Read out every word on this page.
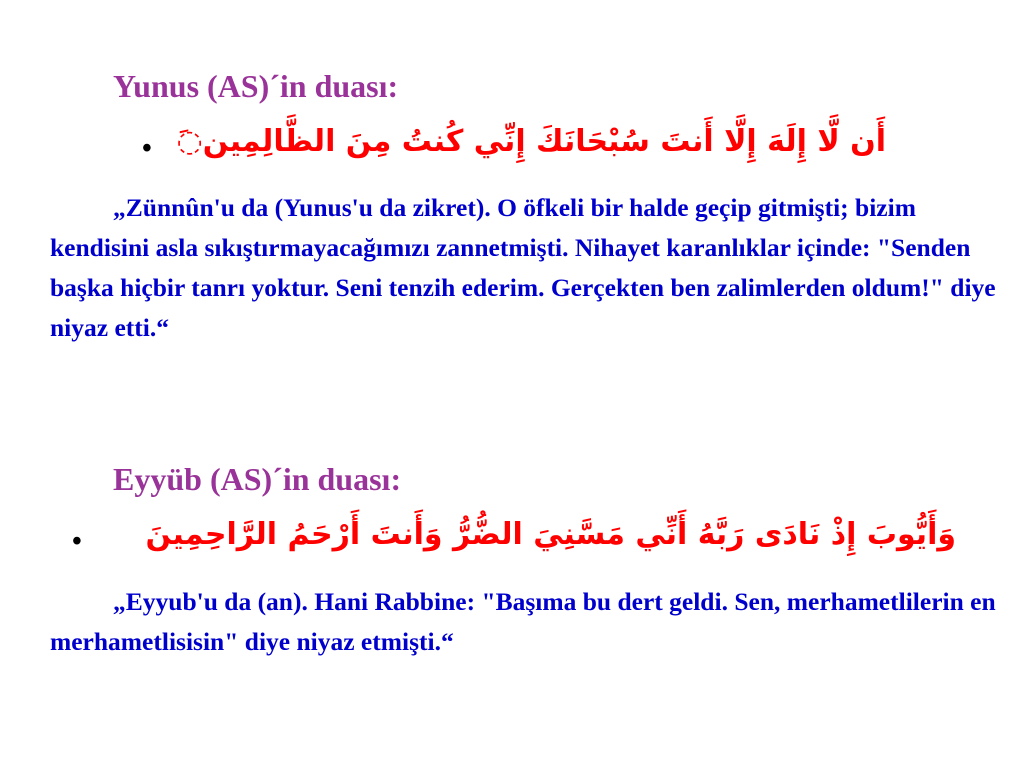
Yunus (AS)´in duası:
• أَن لَّا إِلَهَ إِلَّا أَنتَ سُبْحَانَكَ إِنِّي كُنتُ مِنَ الظَّالِمِين◌َ
„Zünnûn'u da (Yunus'u da zikret). O öfkeli bir halde geçip gitmişti; bizim kendisini asla sıkıştırmayacağımızı zannetmişti. Nihayet karanlıklar içinde: "Senden başka hiçbir tanrı yoktur. Seni tenzih ederim. Gerçekten ben zalimlerden oldum!" diye niyaz etti.“
Eyyüb (AS)´in duası:
• وَأَيُّوبَ إِذْ نَادَى رَبَّهُ أَنِّي مَسَّنِيَ الضُّرُّ وَأَنتَ أَرْحَمُ الرَّاحِمِينَ
„Eyyub'u da (an). Hani Rabbine: "Başıma bu dert geldi. Sen, merhametlilerin en merhametlisisin" diye niyaz etmişti.“
